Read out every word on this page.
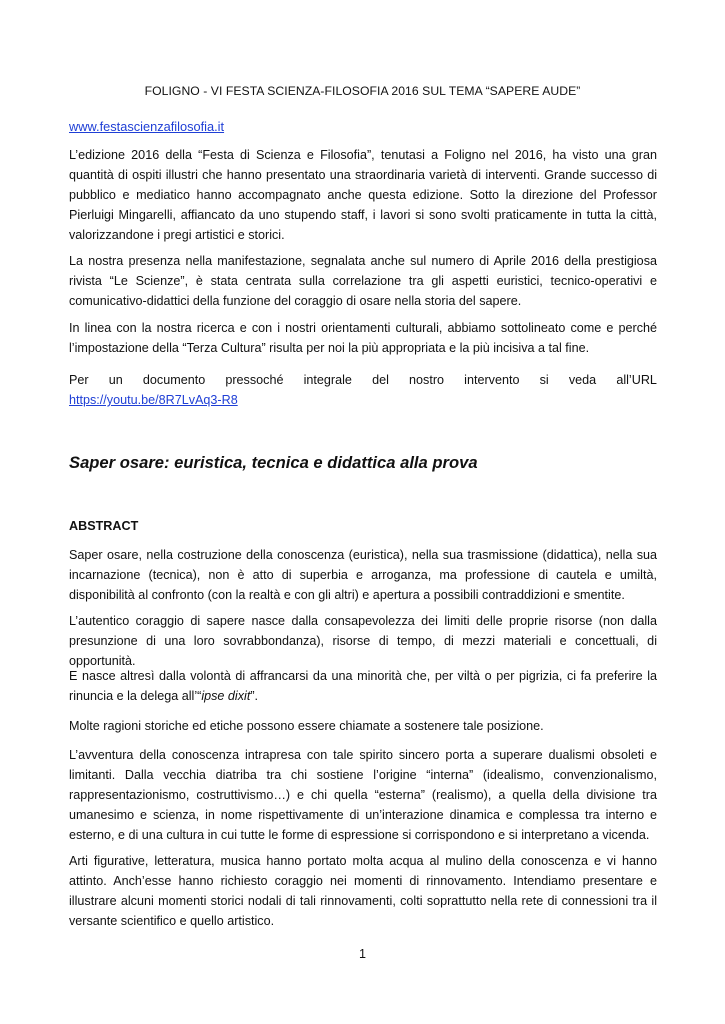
FOLIGNO - VI FESTA SCIENZA-FILOSOFIA 2016 SUL TEMA “SAPERE AUDE”
www.festascienzafilosofia.it

L’edizione 2016 della “Festa di Scienza e Filosofia”, tenutasi a Foligno nel 2016, ha visto una gran quantità di ospiti illustri che hanno presentato una straordinaria varietà di interventi. Grande successo di pubblico e mediatico hanno accompagnato anche questa edizione. Sotto la direzione del Professor Pierluigi Mingarelli, affiancato da uno stupendo staff, i lavori si sono svolti praticamente in tutta la città, valorizzandone i pregi artistici e storici.

La nostra presenza nella manifestazione, segnalata anche sul numero di Aprile 2016 della prestigiosa rivista “Le Scienze”, è stata centrata sulla correlazione tra gli aspetti euristici, tecnico-operativi e comunicativo-didattici della funzione del coraggio di osare nella storia del sapere.

In linea con la nostra ricerca e con i nostri orientamenti culturali, abbiamo sottolineato come e perché l’impostazione della “Terza Cultura” risulta per noi la più appropriata e la più incisiva a tal fine.

Per un documento pressoché integrale del nostro intervento si veda all’URL
https://youtu.be/8R7LvAq3-R8
Saper osare: euristica, tecnica e didattica alla prova
ABSTRACT

Saper osare, nella costruzione della conoscenza (euristica), nella sua trasmissione (didattica), nella sua incarnazione (tecnica), non è atto di superbia e arroganza, ma professione di cautela e umiltà, disponibilità al confronto (con la realtà e con gli altri) e apertura a possibili contraddizioni e smentite.

L’autentico coraggio di sapere nasce dalla consapevolezza dei limiti delle proprie risorse (non dalla presunzione di una loro sovrabbondanza), risorse di tempo, di mezzi materiali e concettuali, di opportunità.

E nasce altresì dalla volontà di affrancarsi da una minorità che, per viltà o per pigrizia, ci fa preferire la rinuncia e la delega all’“ipse dixit”.

Molte ragioni storiche ed etiche possono essere chiamate a sostenere tale posizione.

L’avventura della conoscenza intrapresa con tale spirito sincero porta a superare dualismi obsoleti e limitanti. Dalla vecchia diatriba tra chi sostiene l’origine “interna” (idealismo, convenzionalismo, rappresentazionismo, costruttivismo…) e chi quella “esterna” (realismo), a quella della divisione tra umanesimo e scienza, in nome rispettivamente di un’interazione dinamica e complessa tra interno e esterno, e di una cultura in cui tutte le forme di espressione si corrispondono e si interpretano a vicenda.

Arti figurative, letteratura, musica hanno portato molta acqua al mulino della conoscenza e vi hanno attinto. Anch’esse hanno richiesto coraggio nei momenti di rinnovamento. Intendiamo presentare e illustrare alcuni momenti storici nodali di tali rinnovamenti, colti soprattutto nella rete di connessioni tra il versante scientifico e quello artistico.

1
